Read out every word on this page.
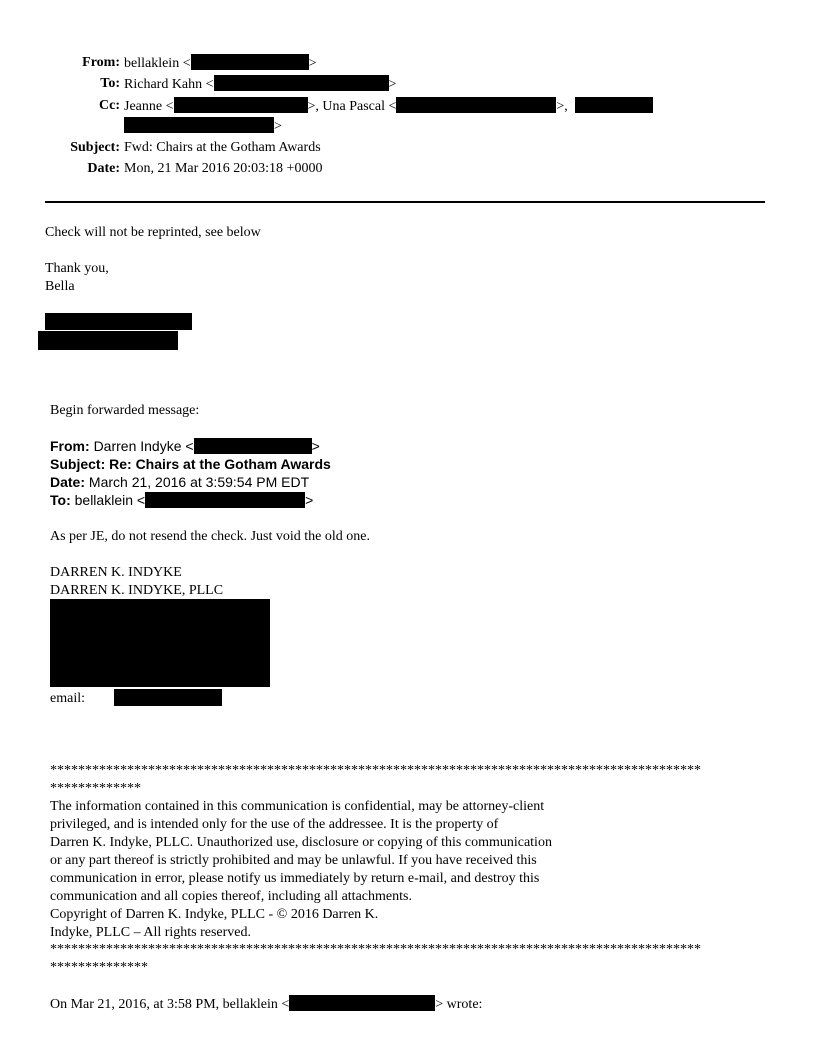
From: bellaklein <	>
To: Richard Kahn <	>
Cc: Jeanne <	>, Una Pascal <	>,
>
Subject: Fwd: Chairs at the Gotham Awards
Date: Mon, 21 Mar 2016 20:03:18 +0000
Check will not be reprinted, see below
Thank you,
Bella
Begin forwarded message:
From: Darren Indyke <	>
Subject: Re: Chairs at the Gotham Awards
Date: March 21, 2016 at 3:59:54 PM EDT
To: bellaklein <	>
As per JE, do not resend the check. Just void the old one.
DARREN K. INDYKE
DARREN K. INDYKE, PLLC
email:
*********************************************************************************************
*************

The information contained in this communication is confidential, may be attorney-client

privileged, and is intended only for the use of the addressee. It is the property of

Darren K. Indyke, PLLC. Unauthorized use, disclosure or copying of this communication

or any part thereof is strictly prohibited and may be unlawful. If you have received this

communication in error, please notify us immediately by return e-mail, and destroy this

communication and all copies thereof, including all attachments.

Copyright of Darren K. Indyke, PLLC - © 2016 Darren K.

Indyke, PLLC – All rights reserved.

*********************************************************************************************
**************
On Mar 21, 2016, at 3:58 PM, bellaklein <	> wrote:
